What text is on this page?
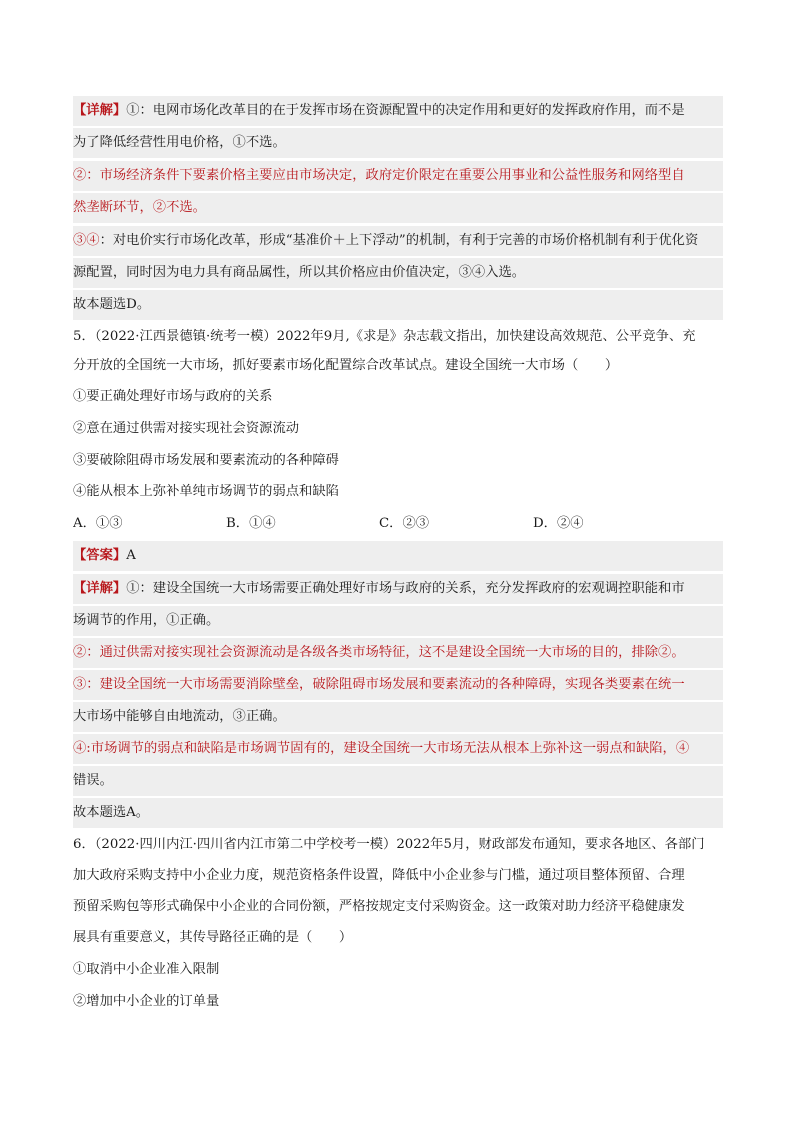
【详解】①：电网市场化改革目的在于发挥市场在资源配置中的决定作用和更好的发挥政府作用，而不是
为了降低经营性用电价格，①不选。
②：市场经济条件下要素价格主要应由市场决定，政府定价限定在重要公用事业和公益性服务和网络型自
然垄断环节，②不选。
③④：对电价实行市场化改革，形成“基准价＋上下浮动”的机制，有利于完善的市场价格机制有利于优化资
源配置，同时因为电力具有商品属性，所以其价格应由价值决定，③④入选。
故本题选D。
5．（2022·江西景德镇·统考一模）2022年9月,《求是》杂志载文指出，加快建设高效规范、公平竞争、充
分开放的全国统一大市场，抓好要素市场化配置综合改革试点。建设全国统一大市场（　　）
①要正确处理好市场与政府的关系
②意在通过供需对接实现社会资源流动
③要破除阻碍市场发展和要素流动的各种障碍
④能从根本上弥补单纯市场调节的弱点和缺陷
A．①③	B．①④	C．②③	D．②④
【答案】A
【详解】①：建设全国统一大市场需要正确处理好市场与政府的关系，充分发挥政府的宏观调控职能和市
场调节的作用，①正确。
②：通过供需对接实现社会资源流动是各级各类市场特征，这不是建设全国统一大市场的目的，排除②。
③：建设全国统一大市场需要消除壁垒，破除阻碍市场发展和要素流动的各种障碍，实现各类要素在统一
大市场中能够自由地流动，③正确。
④:市场调节的弱点和缺陷是市场调节固有的，建设全国统一大市场无法从根本上弥补这一弱点和缺陷，④
错误。
故本题选A。
6．（2022·四川内江·四川省内江市第二中学校考一模）2022年5月，财政部发布通知，要求各地区、各部门
加大政府采购支持中小企业力度，规范资格条件设置，降低中小企业参与门槛，通过项目整体预留、合理
预留采购包等形式确保中小企业的合同份额，严格按规定支付采购资金。这一政策对助力经济平稳健康发
展具有重要意义，其传导路径正确的是（　　）
①取消中小企业准入限制
②增加中小企业的订单量
